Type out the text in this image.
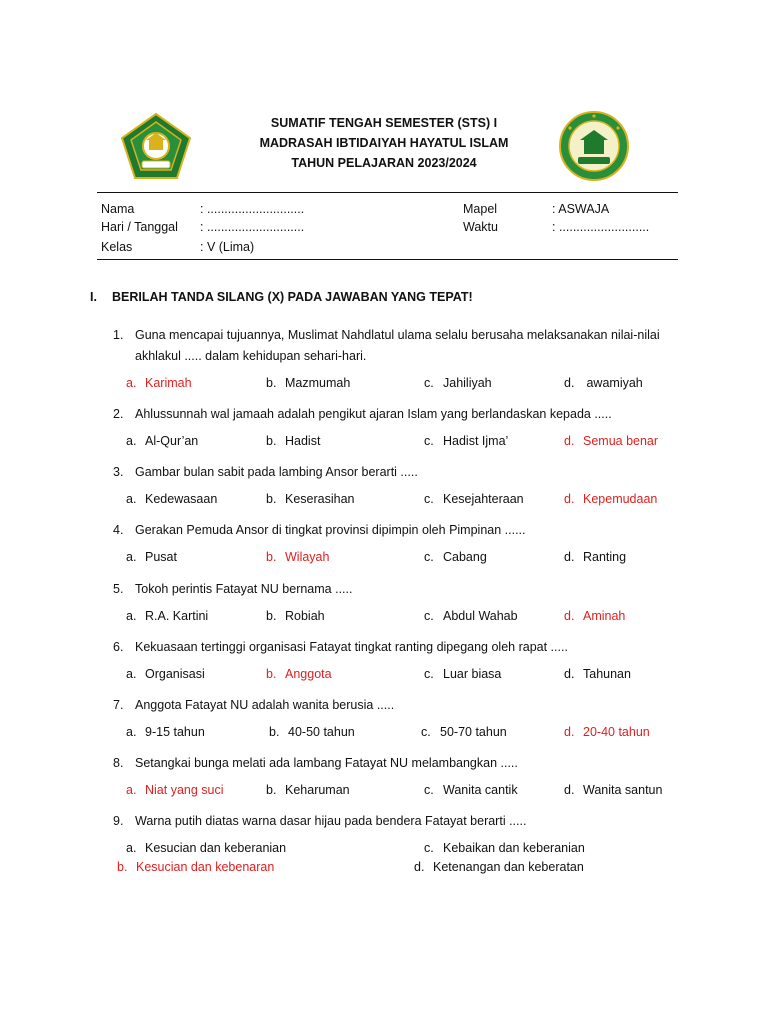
SUMATIF TENGAH SEMESTER (STS) I
MADRASAH IBTIDAIYAH HAYATUL ISLAM
TAHUN PELAJARAN 2023/2024
Nama	: ............................
Hari / Tanggal : ............................
Kelas	: V (Lima)
Mapel	: ASWAJA
Waktu	: ..........................
I. BERILAH TANDA SILANG (X) PADA JAWABAN YANG TEPAT!
1. Guna mencapai tujuannya, Muslimat Nahdlatul ulama selalu berusaha melaksanakan nilai-nilai akhlakul ..... dalam kehidupan sehari-hari.
a. Karimah	b. Mazmumah	c. Jahiliyah	d. awamiyah
2. Ahlussunnah wal jamaah adalah pengikut ajaran Islam yang berlandaskan kepada .....
a. Al-Qur’an	b. Hadist	c. Hadist Ijma’	d. Semua benar
3. Gambar bulan sabit pada lambing Ansor berarti .....
a. Kedewasaan	b. Keserasihan	c. Kesejahteraan	d. Kepemudaan
4. Gerakan Pemuda Ansor di tingkat provinsi dipimpin oleh Pimpinan ......
a. Pusat	b. Wilayah	c. Cabang	d. Ranting
5. Tokoh perintis Fatayat NU bernama .....
a. R.A. Kartini	b. Robiah	c. Abdul Wahab	d. Aminah
6. Kekuasaan tertinggi organisasi Fatayat tingkat ranting dipegang oleh rapat .....
a. Organisasi	b. Anggota	c. Luar biasa	d. Tahunan
7. Anggota Fatayat NU adalah wanita berusia .....
a. 9-15 tahun	b. 40-50 tahun	c. 50-70 tahun	d. 20-40 tahun
8. Setangkai bunga melati ada lambang Fatayat NU melambangkan .....
a. Niat yang suci	b. Keharuman	c. Wanita cantik	d. Wanita santun
9. Warna putih diatas warna dasar hijau pada bendera Fatayat berarti .....
a. Kesucian dan keberanian
b. Kesucian dan kebenaran
c. Kebaikan dan keberanian
d. Ketenangan dan keberatan
